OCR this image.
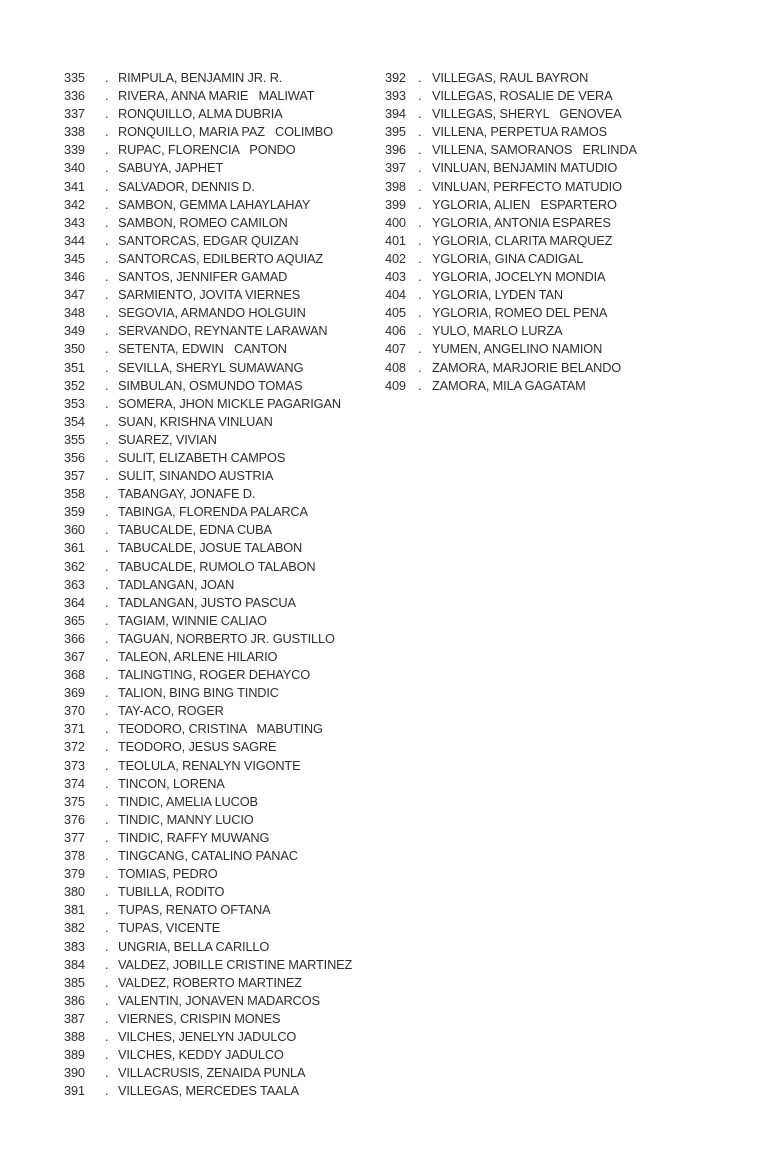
335	. RIMPULA, BENJAMIN JR. R.
336	. RIVERA, ANNA MARIE   MALIWAT
337	. RONQUILLO, ALMA DUBRIA
338	. RONQUILLO, MARIA PAZ   COLIMBO
339	. RUPAC, FLORENCIA   PONDO
340	. SABUYA, JAPHET
341	. SALVADOR, DENNIS D.
342	. SAMBON, GEMMA LAHAYLAHAY
343	. SAMBON, ROMEO CAMILON
344	. SANTORCAS, EDGAR QUIZAN
345	. SANTORCAS, EDILBERTO AQUIAZ
346	. SANTOS, JENNIFER GAMAD
347	. SARMIENTO, JOVITA VIERNES
348	. SEGOVIA, ARMANDO HOLGUIN
349	. SERVANDO, REYNANTE LARAWAN
350	. SETENTA, EDWIN   CANTON
351	. SEVILLA, SHERYL SUMAWANG
352	. SIMBULAN, OSMUNDO TOMAS
353	. SOMERA, JHON MICKLE PAGARIGAN
354	. SUAN, KRISHNA VINLUAN
355	. SUAREZ, VIVIAN
356	. SULIT, ELIZABETH CAMPOS
357	. SULIT, SINANDO AUSTRIA
358	. TABANGAY, JONAFE D.
359	. TABINGA, FLORENDA PALARCA
360	. TABUCALDE, EDNA CUBA
361	. TABUCALDE, JOSUE TALABON
362	. TABUCALDE, RUMOLO TALABON
363	. TADLANGAN, JOAN
364	. TADLANGAN, JUSTO PASCUA
365	. TAGIAM, WINNIE CALIAO
366	. TAGUAN, NORBERTO JR. GUSTILLO
367	. TALEON, ARLENE HILARIO
368	. TALINGTING, ROGER DEHAYCO
369	. TALION, BING BING TINDIC
370	. TAY-ACO, ROGER
371	. TEODORO, CRISTINA   MABUTING
372	. TEODORO, JESUS SAGRE
373	. TEOLULA, RENALYN VIGONTE
374	. TINCON, LORENA
375	. TINDIC, AMELIA LUCOB
376	. TINDIC, MANNY LUCIO
377	. TINDIC, RAFFY MUWANG
378	. TINGCANG, CATALINO PANAC
379	. TOMIAS, PEDRO
380	. TUBILLA, RODITO
381	. TUPAS, RENATO OFTANA
382	. TUPAS, VICENTE
383	. UNGRIA, BELLA CARILLO
384	. VALDEZ, JOBILLE CRISTINE MARTINEZ
385	. VALDEZ, ROBERTO MARTINEZ
386	. VALENTIN, JONAVEN MADARCOS
387	. VIERNES, CRISPIN MONES
388	. VILCHES, JENELYN JADULCO
389	. VILCHES, KEDDY JADULCO
390	. VILLACRUSIS, ZENAIDA PUNLA
391	. VILLEGAS, MERCEDES TAALA
392 . VILLEGAS, RAUL BAYRON
393 . VILLEGAS, ROSALIE DE VERA
394 . VILLEGAS, SHERYL   GENOVEA
395 . VILLENA, PERPETUA RAMOS
396 . VILLENA, SAMORANOS   ERLINDA
397 . VINLUAN, BENJAMIN MATUDIO
398 . VINLUAN, PERFECTO MATUDIO
399 . YGLORIA, ALIEN   ESPARTERO
400 . YGLORIA, ANTONIA ESPARES
401 . YGLORIA, CLARITA MARQUEZ
402 . YGLORIA, GINA CADIGAL
403 . YGLORIA, JOCELYN MONDIA
404 . YGLORIA, LYDEN TAN
405 . YGLORIA, ROMEO DEL PENA
406 . YULO, MARLO LURZA
407 . YUMEN, ANGELINO NAMION
408 . ZAMORA, MARJORIE BELANDO
409 . ZAMORA, MILA GAGATAM
